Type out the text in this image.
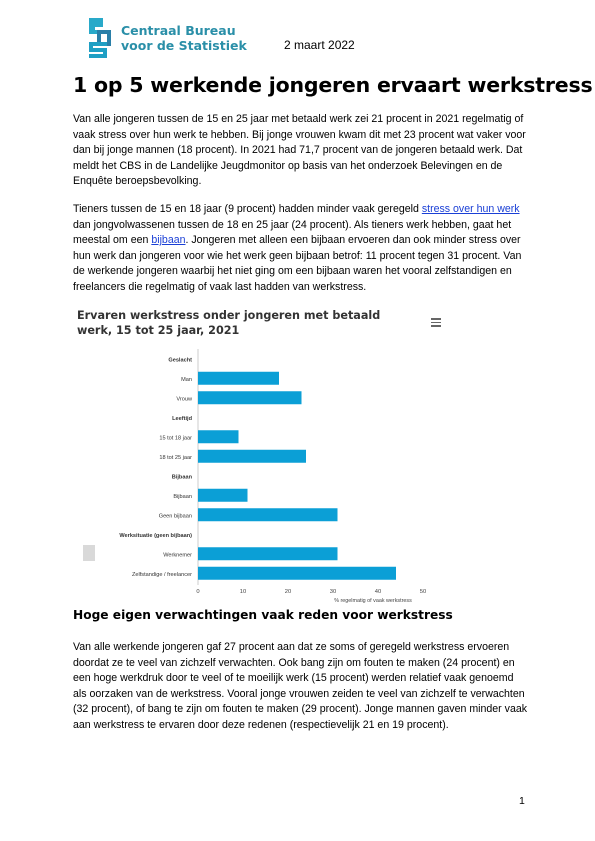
Centraal Bureau
voor de Statistiek	2 maart 2022
1 op 5 werkende jongeren ervaart werkstress

Van alle jongeren tussen de 15 en 25 jaar met betaald werk zei 21 procent in 2021 regelmatig of vaak stress over hun werk te hebben. Bij jonge vrouwen kwam dit met 23 procent wat vaker voor dan bij jonge mannen (18 procent). In 2021 had 71,7 procent van de jongeren betaald werk. Dat meldt het CBS in de Landelijke Jeugdmonitor op basis van het onderzoek Belevingen en de Enquête beroepsbevolking.

Tieners tussen de 15 en 18 jaar (9 procent) hadden minder vaak geregeld stress over hun werk dan jongvolwassenen tussen de 18 en 25 jaar (24 procent). Als tieners werk hebben, gaat het meestal om een bijbaan. Jongeren met alleen een bijbaan ervoeren dan ook minder stress over hun werk dan jongeren voor wie het werk geen bijbaan betrof: 11 procent tegen 31 procent. Van de werkende jongeren waarbij het niet ging om een bijbaan waren het vooral zelfstandigen en freelancers die regelmatig of vaak last hadden van werkstress.

Geslacht
Man
Vrouw
Leeftijd
15 tot 18 jaar
18 tot 25 jaar
Bijbaan
Bijbaan
Geen bijbaan
Werksituatie (geen bijbaan)
Werknemer
Zelfstandige / freelancer
0	10	20	30	40	50
% regelmatig of vaak werkstress
Ervaren werkstress onder jongeren met betaald werk, 15 tot 25 jaar, 2021
Hoge eigen verwachtingen vaak reden voor werkstress

Van alle werkende jongeren gaf 27 procent aan dat ze soms of geregeld werkstress ervoeren doordat ze te veel van zichzelf verwachten. Ook bang zijn om fouten te maken (24 procent) en een hoge werkdruk door te veel of te moeilijk werk (15 procent) werden relatief vaak genoemd als oorzaken van de werkstress. Vooral jonge vrouwen zeiden te veel van zichzelf te verwachten (32 procent), of bang te zijn om fouten te maken (29 procent). Jonge mannen gaven minder vaak aan werkstress te ervaren door deze redenen (respectievelijk 21 en 19 procent).

1
